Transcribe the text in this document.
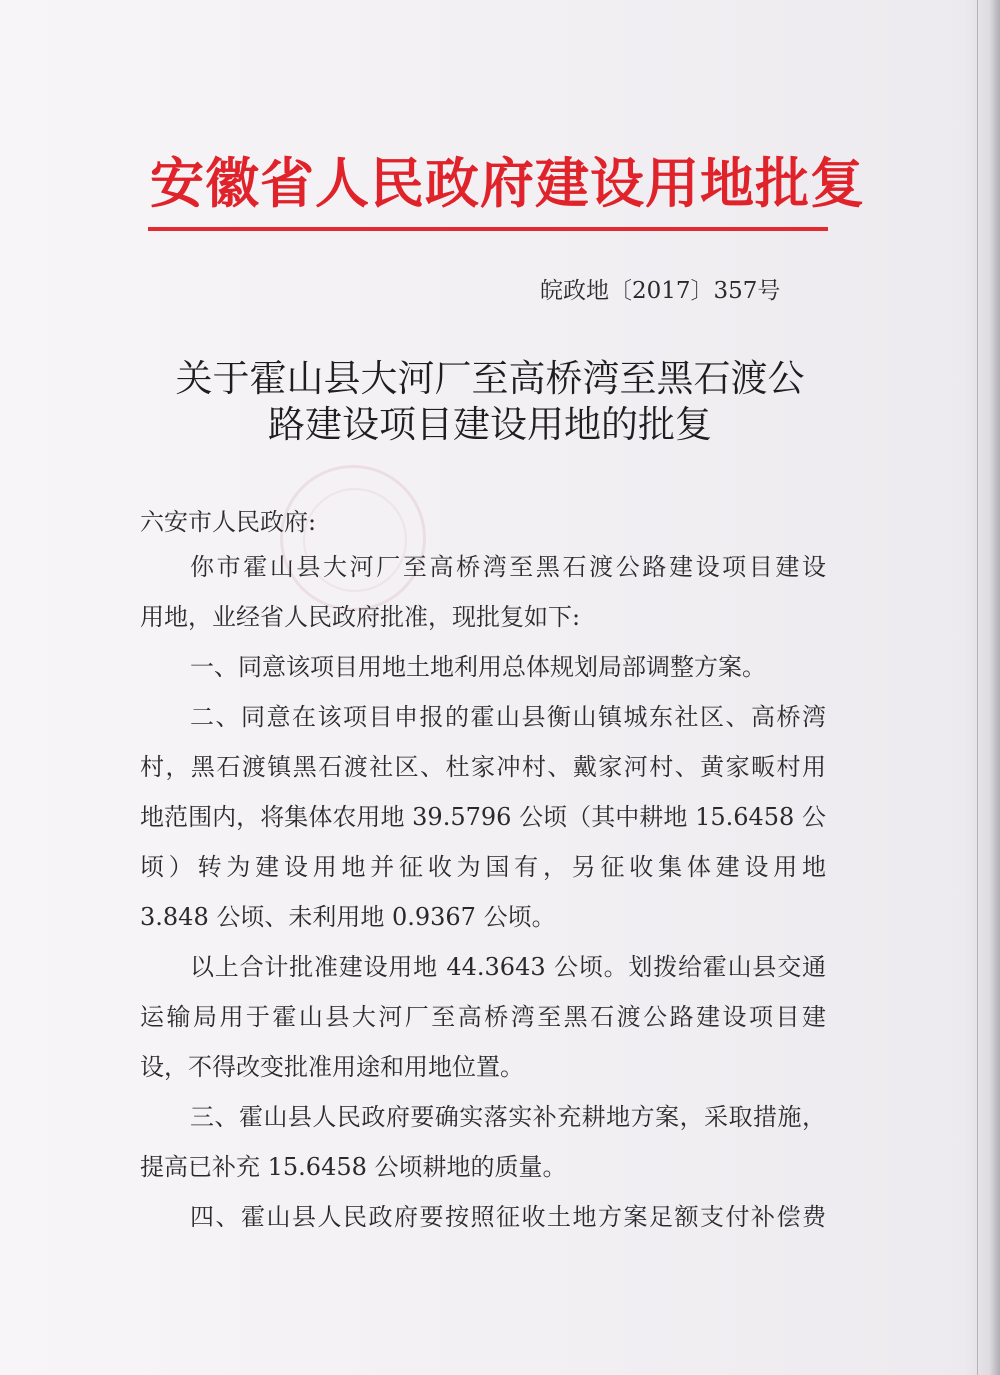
安徽省人民政府建设用地批复
皖政地〔2017〕357号
关于霍山县大河厂至高桥湾至黑石渡公
路建设项目建设用地的批复
六安市人民政府:
你市霍山县大河厂至高桥湾至黑石渡公路建设项目建设
用地，业经省人民政府批准，现批复如下:
一、同意该项目用地土地利用总体规划局部调整方案。
二、同意在该项目申报的霍山县衡山镇城东社区、高桥湾
村，黑石渡镇黑石渡社区、杜家冲村、戴家河村、黄家畈村用
地范围内，将集体农用地 39.5796 公顷（其中耕地 15.6458 公
顷）转为建设用地并征收为国有，另征收集体建设用地
3.848 公顷、未利用地 0.9367 公顷。
以上合计批准建设用地 44.3643 公顷。划拨给霍山县交通
运输局用于霍山县大河厂至高桥湾至黑石渡公路建设项目建
设，不得改变批准用途和用地位置。
三、霍山县人民政府要确实落实补充耕地方案，采取措施，
提高已补充 15.6458 公顷耕地的质量。
四、霍山县人民政府要按照征收土地方案足额支付补偿费
